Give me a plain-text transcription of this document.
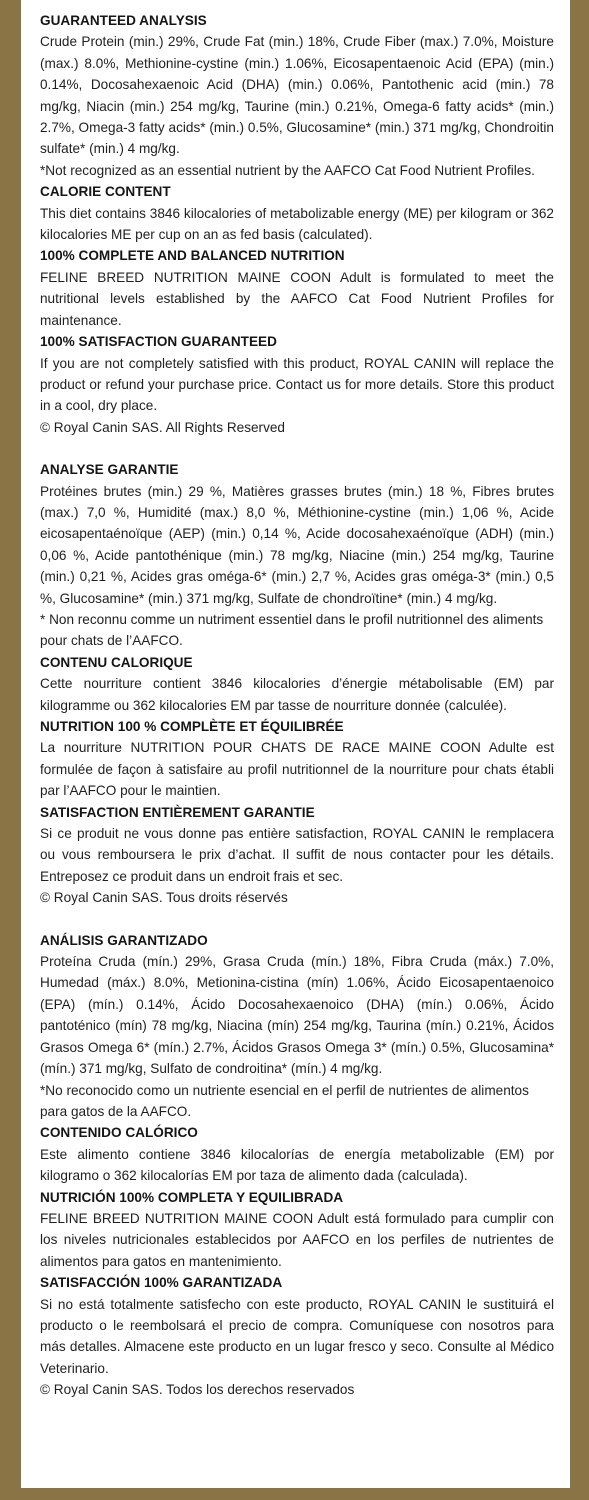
GUARANTEED ANALYSIS

Crude Protein (min.) 29%, Crude Fat (min.) 18%, Crude Fiber (max.) 7.0%, Moisture (max.) 8.0%, Methionine-cystine (min.) 1.06%, Eicosapentaenoic Acid (EPA) (min.) 0.14%, Docosahexaenoic Acid (DHA) (min.) 0.06%, Pantothenic acid (min.) 78 mg/kg, Niacin (min.) 254 mg/kg, Taurine (min.) 0.21%, Omega-6 fatty acids* (min.) 2.7%, Omega-3 fatty acids* (min.) 0.5%, Glucosamine* (min.) 371 mg/kg, Chondroitin sulfate* (min.) 4 mg/kg.

*Not recognized as an essential nutrient by the AAFCO Cat Food Nutrient Profiles.

CALORIE CONTENT

This diet contains 3846 kilocalories of metabolizable energy (ME) per kilogram or 362 kilocalories ME per cup on an as fed basis (calculated).

100% COMPLETE AND BALANCED NUTRITION

FELINE BREED NUTRITION MAINE COON Adult is formulated to meet the nutritional levels established by the AAFCO Cat Food Nutrient Profiles for maintenance.

100% SATISFACTION GUARANTEED

If you are not completely satisfied with this product, ROYAL CANIN will replace the product or refund your purchase price. Contact us for more details. Store this product in a cool, dry place.

© Royal Canin SAS. All Rights Reserved

ANALYSE GARANTIE

Protéines brutes (min.) 29 %, Matières grasses brutes (min.) 18 %, Fibres brutes (max.) 7,0 %, Humidité (max.) 8,0 %, Méthionine-cystine (min.) 1,06 %, Acide eicosapentaénoïque (AEP) (min.) 0,14 %, Acide docosahexaénoïque (ADH) (min.) 0,06 %, Acide pantothénique (min.) 78 mg/kg, Niacine (min.) 254 mg/kg, Taurine (min.) 0,21 %, Acides gras oméga-6* (min.) 2,7 %, Acides gras oméga-3* (min.) 0,5 %, Glucosamine* (min.) 371 mg/kg, Sulfate de chondroïtine* (min.) 4 mg/kg.

* Non reconnu comme un nutriment essentiel dans le profil nutritionnel des aliments pour chats de l’AAFCO.

CONTENU CALORIQUE

Cette nourriture contient 3846 kilocalories d’énergie métabolisable (EM) par kilogramme ou 362 kilocalories EM par tasse de nourriture donnée (calculée).

NUTRITION 100 % COMPLÈTE ET ÉQUILIBRÉE

La nourriture NUTRITION POUR CHATS DE RACE MAINE COON Adulte est formulée de façon à satisfaire au profil nutritionnel de la nourriture pour chats établi par l’AAFCO pour le maintien.

SATISFACTION ENTIÈREMENT GARANTIE

Si ce produit ne vous donne pas entière satisfaction, ROYAL CANIN le remplacera ou vous remboursera le prix d’achat. Il suffit de nous contacter pour les détails. Entreposez ce produit dans un endroit frais et sec.

© Royal Canin SAS. Tous droits réservés

ANÁLISIS GARANTIZADO

Proteína Cruda (mín.) 29%, Grasa Cruda (mín.) 18%, Fibra Cruda (máx.) 7.0%, Humedad (máx.) 8.0%, Metionina-cistina (mín) 1.06%, Ácido Eicosapentaenoico (EPA) (mín.) 0.14%, Ácido Docosahexaenoico (DHA) (mín.) 0.06%, Ácido pantoténico (mín) 78 mg/kg, Niacina (mín) 254 mg/kg, Taurina (mín.) 0.21%, Ácidos Grasos Omega 6* (mín.) 2.7%, Ácidos Grasos Omega 3* (mín.) 0.5%, Glucosamina* (mín.) 371 mg/kg, Sulfato de condroitina* (mín.) 4 mg/kg.

*No reconocido como un nutriente esencial en el perfil de nutrientes de alimentos para gatos de la AAFCO.

CONTENIDO CALÓRICO

Este alimento contiene 3846 kilocalorías de energía metabolizable (EM) por kilogramo o 362 kilocalorías EM por taza de alimento dada (calculada).

NUTRICIÓN 100% COMPLETA Y EQUILIBRADA

FELINE BREED NUTRITION MAINE COON Adult está formulado para cumplir con los niveles nutricionales establecidos por AAFCO en los perfiles de nutrientes de alimentos para gatos en mantenimiento.

SATISFACCIÓN 100% GARANTIZADA

Si no está totalmente satisfecho con este producto, ROYAL CANIN le sustituirá el producto o le reembolsará el precio de compra. Comuníquese con nosotros para más detalles. Almacene este producto en un lugar fresco y seco. Consulte al Médico Veterinario.

© Royal Canin SAS. Todos los derechos reservados
